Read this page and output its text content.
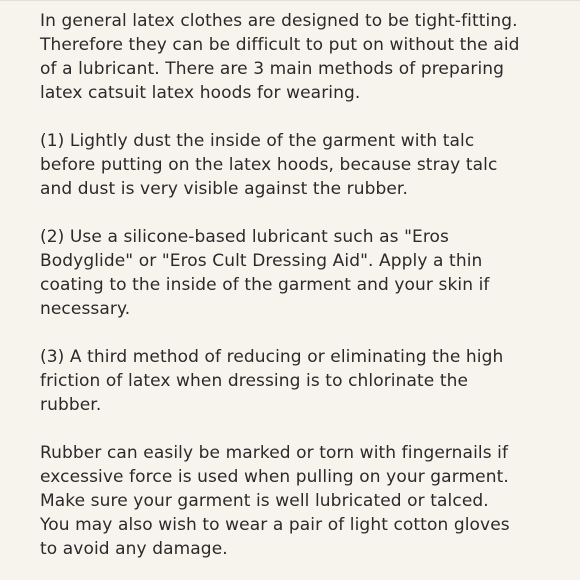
In general latex clothes are designed to be tight-fitting.
Therefore they can be difficult to put on without the aid
of a lubricant. There are 3 main methods of preparing
latex catsuit latex hoods for wearing.

(1) Lightly dust the inside of the garment with talc
before putting on the latex hoods, because stray talc
and dust is very visible against the rubber.

(2) Use a silicone-based lubricant such as "Eros
Bodyglide" or "Eros Cult Dressing Aid". Apply a thin
coating to the inside of the garment and your skin if
necessary.

(3) A third method of reducing or eliminating the high
friction of latex when dressing is to chlorinate the
rubber.

Rubber can easily be marked or torn with fingernails if
excessive force is used when pulling on your garment.
Make sure your garment is well lubricated or talced.
You may also wish to wear a pair of light cotton gloves
to avoid any damage.
